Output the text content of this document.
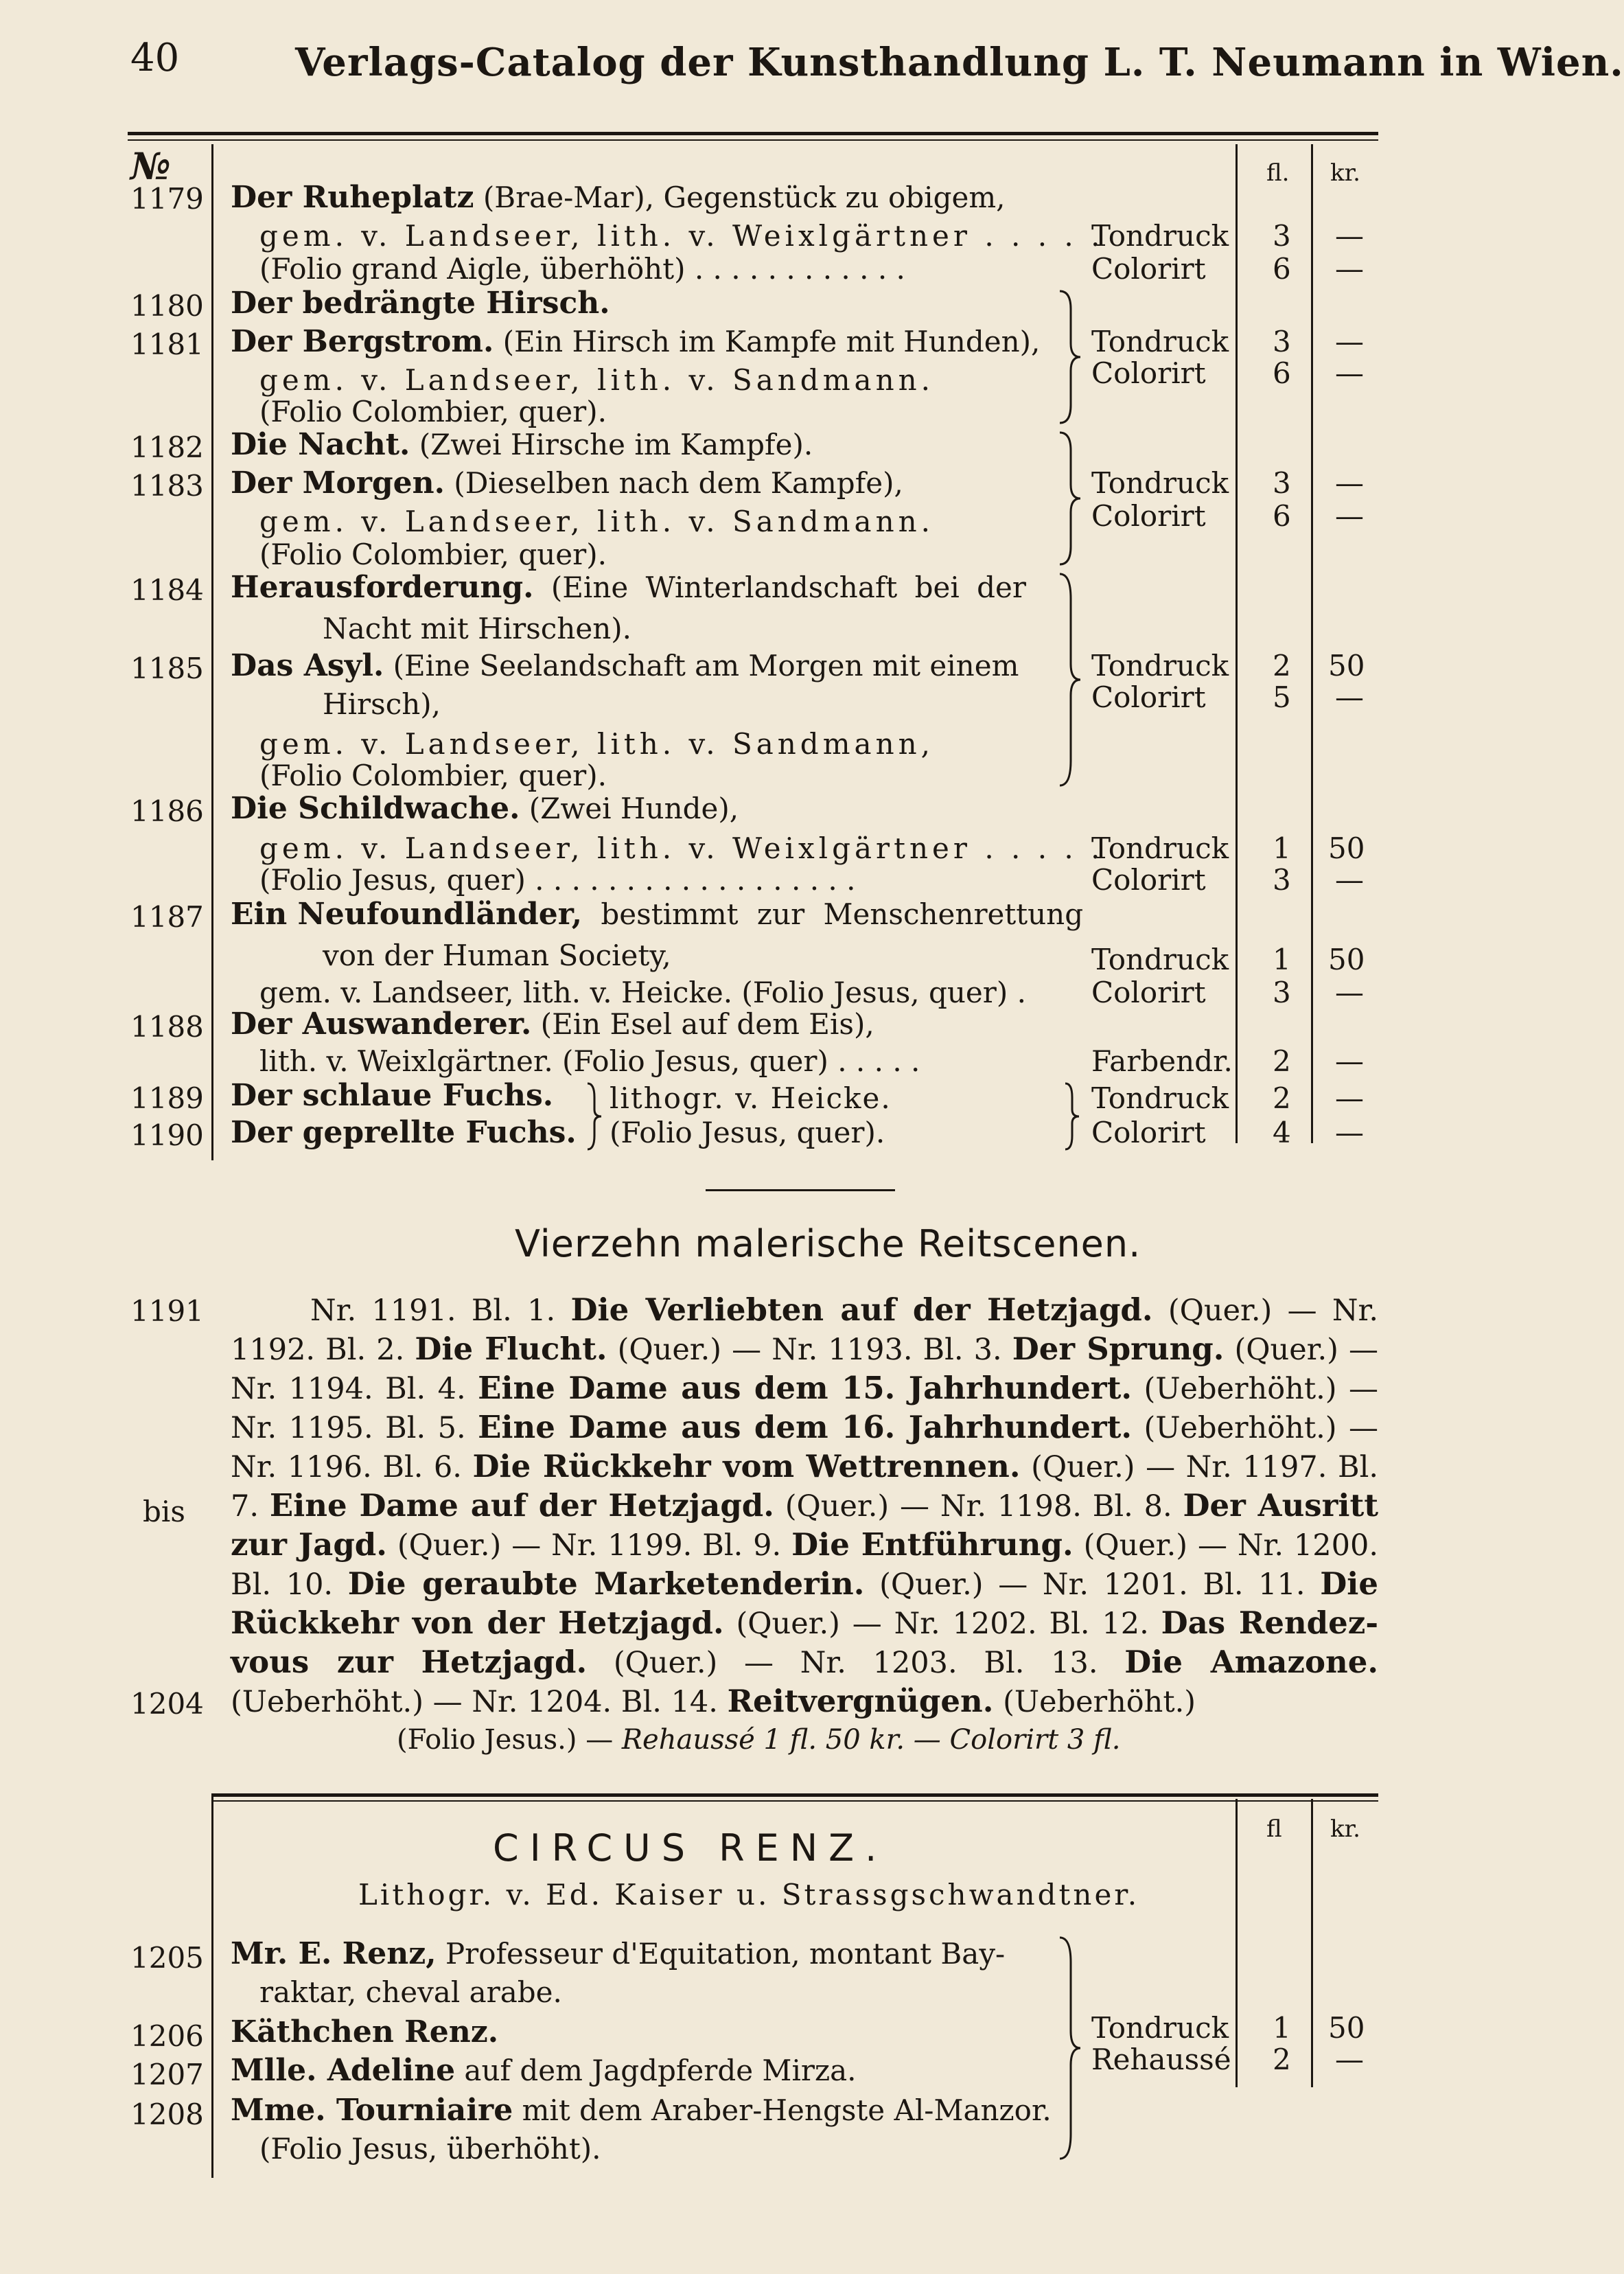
40	Verlags-Catalog der Kunsthandlung L. T. Neumann in Wien.
№	fl. kr.
1179 Der Ruheplatz (Brae-Mar), Gegenstück zu obigem,
gem. v. Landseer, lith. v. Weixlgärtner . . . . .
Tondruck 3 —
(Folio grand Aigle, überhöht) . . . . . . . . . . . .	Colorirt 6 —
1180 Der bedrängte Hirsch.
1181 Der Bergstrom. (Ein Hirsch im Kampfe mit Hunden), Tondruck 3 —
gem. v. Landseer, lith. v. Sandmann.	Colorirt 6 —
(Folio Colombier, quer).
1182 Die Nacht. (Zwei Hirsche im Kampfe).
1183 Der Morgen. (Dieselben nach dem Kampfe),	Tondruck 3 —
gem. v. Landseer, lith. v. Sandmann.	Colorirt 6 —
(Folio Colombier, quer).
1184 Herausforderung. (Eine Winterlandschaft bei der
Nacht mit Hirschen).
1185 Das Asyl. (Eine Seelandschaft am Morgen mit einem	Tondruck 2 50
Hirsch),	Colorirt 5 —
gem. v. Landseer, lith. v. Sandmann,
(Folio Colombier, quer).
1186 Die Schildwache. (Zwei Hunde),
gem. v. Landseer, lith. v. Weixlgärtner . . . . .
Tondruck 1 50
(Folio Jesus, quer) . . . . . . . . . . . . . . . . . .	Colorirt 3 —
1187 Ein Neufoundländer, bestimmt zur Menschenrettung
von der Human Society,	Tondruck 1 50
gem. v. Landseer, lith. v. Heicke. (Folio Jesus, quer) . Colorirt 3 —
1188 Der Auswanderer. (Ein Esel auf dem Eis),
lith. v. Weixlgärtner. (Folio Jesus, quer) . . . . .	Farbendr. 2 —
1189 Der schlaue Fuchs. lithogr. v. Heicke.	Tondruck 2 —
1190 Der geprellte Fuchs. (Folio Jesus, quer).	Colorirt 4 —
Vierzehn malerische Reitscenen.
1191
bis
1204
Nr. 1191. Bl. 1. Die Verliebten auf der Hetzjagd. (Quer.) — Nr. 1192. Bl. 2. Die Flucht. (Quer.) — Nr. 1193. Bl. 3. Der Sprung. (Quer.) — Nr. 1194. Bl. 4. Eine Dame aus dem 15. Jahrhundert. (Ueberhöht.) — Nr. 1195. Bl. 5. Eine Dame aus dem 16. Jahrhundert. (Ueberhöht.) — Nr. 1196. Bl. 6. Die Rückkehr vom Wettrennen. (Quer.) — Nr. 1197. Bl. 7. Eine Dame auf der Hetzjagd. (Quer.) — Nr. 1198. Bl. 8. Der Ausritt zur Jagd. (Quer.) — Nr. 1199. Bl. 9. Die Entführung. (Quer.) — Nr. 1200. Bl. 10. Die geraubte Marketenderin. (Quer.) — Nr. 1201. Bl. 11. Die Rückkehr von der Hetzjagd. (Quer.) — Nr. 1202. Bl. 12. Das Rendez-vous zur Hetzjagd. (Quer.) — Nr. 1203. Bl. 13. Die Amazone. (Ueberhöht.) — Nr. 1204. Bl. 14. Reitvergnügen. (Ueberhöht.)
(Folio Jesus.) — Rehaussé 1 fl. 50 kr. — Colorirt 3 fl.
fl kr.
CIRCUS RENZ.
Lithogr. v. Ed. Kaiser u. Strassgschwandtner.
1205 Mr. E. Renz, Professeur d'Equitation, montant Bay-
raktar, cheval arabe.
1206 Käthchen Renz.	Tondruck 1 50
1207 Mlle. Adeline auf dem Jagdpferde Mirza.	Rehaussé 2 —
1208 Mme. Tourniaire mit dem Araber-Hengste Al-Manzor.
(Folio Jesus, überhöht).
